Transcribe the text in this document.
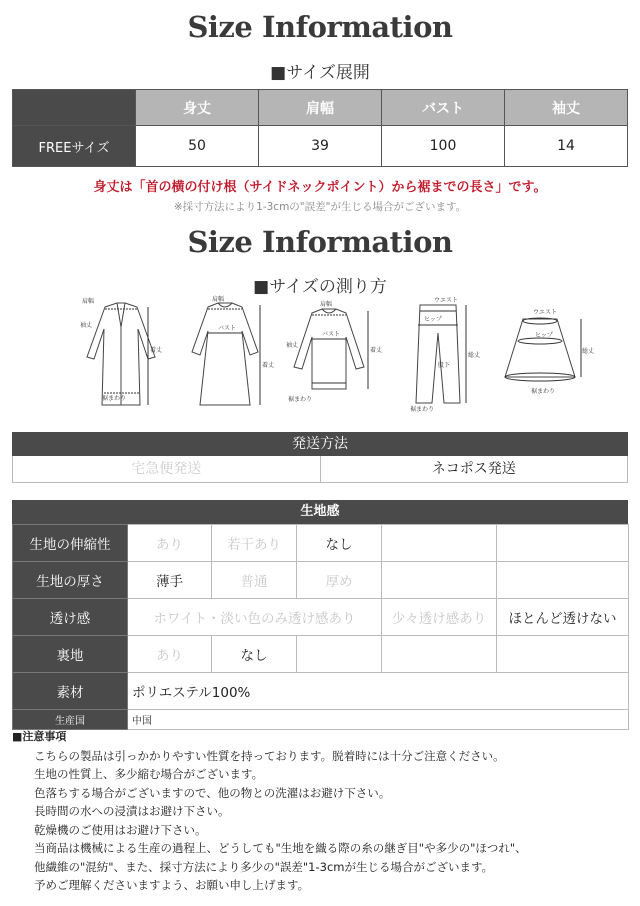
Size Information
■サイズ展開
	身丈	肩幅	バスト	袖丈
FREEサイズ	50	39	100	14
身丈は「首の横の付け根（サイドネックポイント）から裾までの長さ」です。
※採寸方法により1-3cmの"誤差"が生じる場合がございます。
Size Information
■サイズの測り方
肩幅
袖丈
裾まわり
着丈
肩幅
バスト
着丈
肩幅
バスト
袖丈
裾まわり
着丈
ウエスト
ヒップ
股下
裾まわり
総丈
ウエスト
ヒップ
裾まわり
総丈
発送方法
宅急便発送	ネコポス発送
生地感
生地の伸縮性	あり	若干あり	なし		
生地の厚さ	薄手	普通	厚め		
透け感	ホワイト・淡い色のみ透け感あり			少々透け感あり	ほとんど透けない
裏地	あり	なし			
素材	ポリエステル100%				
生産国	中国				
■注意事項
こちらの製品は引っかかりやすい性質を持っております。脱着時には十分ご注意ください。
生地の性質上、多少縮む場合がございます。
色落ちする場合がございますので、他の物との洗濯はお避け下さい。
長時間の水への浸漬はお避け下さい。
乾燥機のご使用はお避け下さい。
当商品は機械による生産の過程上、どうしても"生地を織る際の糸の継ぎ目"や多少の"ほつれ"、
他繊維の"混紡"、また、採寸方法により多少の"誤差"1-3cmが生じる場合がございます。
予めご理解くださいますよう、お願い申し上げます。
